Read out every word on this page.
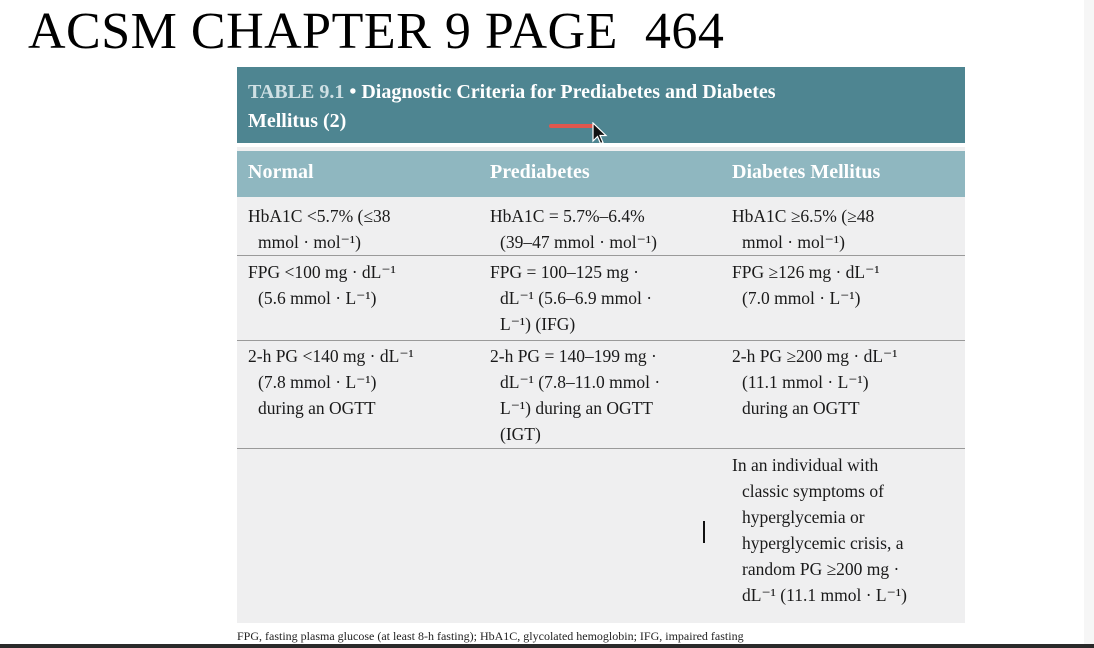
ACSM CHAPTER 9 PAGE  464
TABLE 9.1 • Diagnostic Criteria for Prediabetes and Diabetes
Mellitus (2)
Normal	Prediabetes	Diabetes Mellitus
HbA1C <5.7% (≤38
mmol · mol⁻¹)
HbA1C = 5.7%–6.4%
(39–47 mmol · mol⁻¹)
HbA1C ≥6.5% (≥48
mmol · mol⁻¹)
FPG <100 mg · dL⁻¹
(5.6 mmol · L⁻¹)
FPG = 100–125 mg ·
dL⁻¹ (5.6–6.9 mmol ·
L⁻¹) (IFG)
FPG ≥126 mg · dL⁻¹
(7.0 mmol · L⁻¹)
2-h PG <140 mg · dL⁻¹
(7.8 mmol · L⁻¹)
during an OGTT
2-h PG = 140–199 mg ·
dL⁻¹ (7.8–11.0 mmol ·
L⁻¹) during an OGTT
(IGT)
2-h PG ≥200 mg · dL⁻¹
(11.1 mmol · L⁻¹)
during an OGTT
In an individual with
classic symptoms of
hyperglycemia or
hyperglycemic crisis, a
random PG ≥200 mg ·
dL⁻¹ (11.1 mmol · L⁻¹)
FPG, fasting plasma glucose (at least 8-h fasting); HbA1C, glycolated hemoglobin; IFG, impaired fasting
